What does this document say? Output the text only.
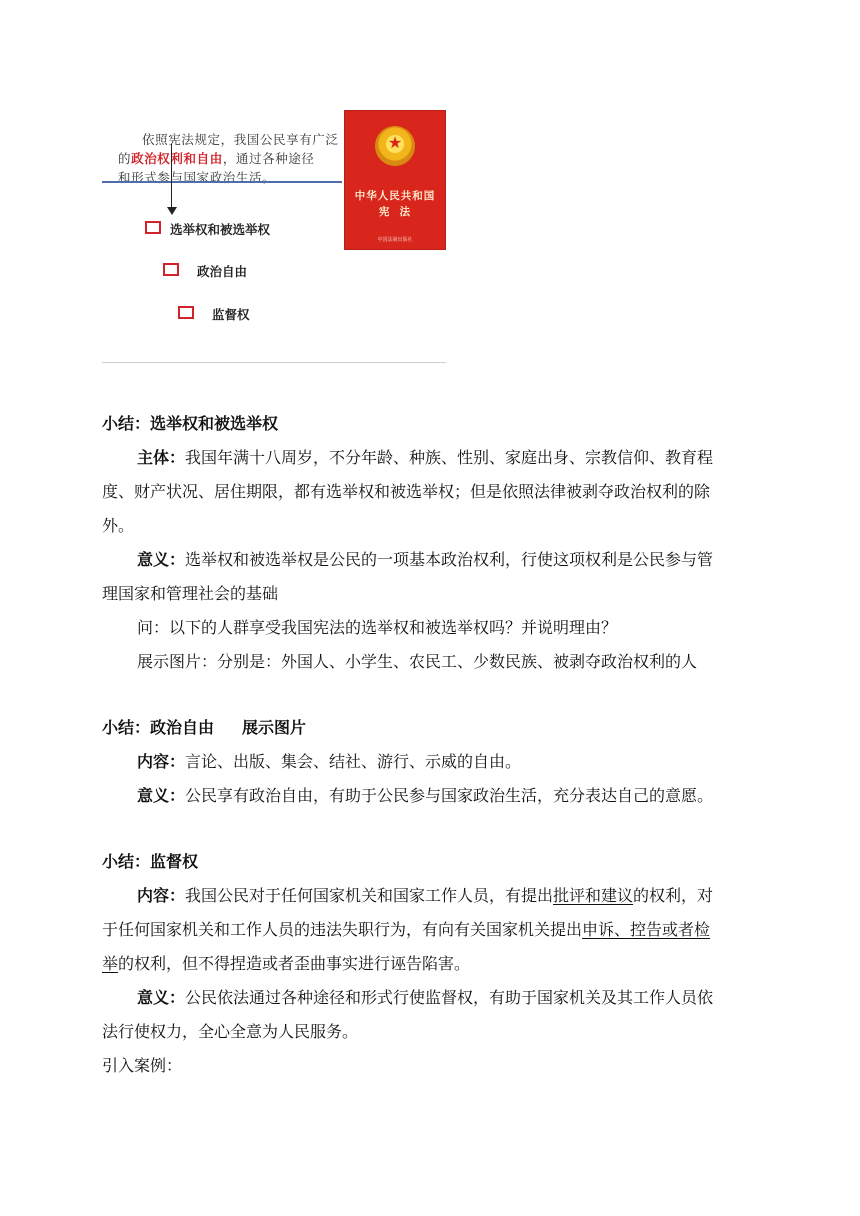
依照宪法规定，我国公民享有广泛
的政治权利和自由，通过各种途径
和形式参与国家政治生活。
选举权和被选举权
政治自由
监督权
★
中华人民共和国
宪  法
中国法制出版社
小结：选举权和被选举权
主体：我国年满十八周岁，不分年龄、种族、性别、家庭出身、宗教信仰、教育程
度、财产状况、居住期限，都有选举权和被选举权；但是依照法律被剥夺政治权利的除
外。
意义：选举权和被选举权是公民的一项基本政治权利，行使这项权利是公民参与管
理国家和管理社会的基础
问：以下的人群享受我国宪法的选举权和被选举权吗？并说明理由？
展示图片：分别是：外国人、小学生、农民工、少数民族、被剥夺政治权利的人
小结：政治自由 展示图片
内容：言论、出版、集会、结社、游行、示威的自由。
意义：公民享有政治自由，有助于公民参与国家政治生活，充分表达自己的意愿。
小结：监督权
内容：我国公民对于任何国家机关和国家工作人员，有提出批评和建议的权利，对
于任何国家机关和工作人员的违法失职行为，有向有关国家机关提出申诉、控告或者检
举的权利，但不得捏造或者歪曲事实进行诬告陷害。
意义：公民依法通过各种途径和形式行使监督权，有助于国家机关及其工作人员依
法行使权力，全心全意为人民服务。
引入案例：
